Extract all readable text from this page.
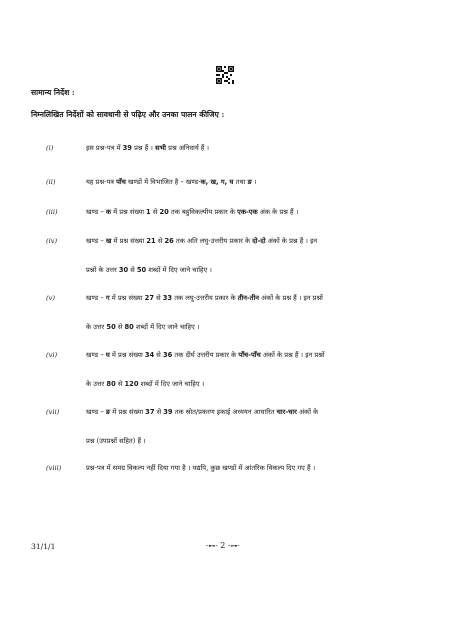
सामान्य निर्देश :
निम्नलिखित निर्देशों को सावधानी से पढ़िए और उनका पालन कीजिए :
(i)	इस प्रश्न-पत्र में 39 प्रश्न हैं । सभी प्रश्न अनिवार्य हैं ।
(ii)	यह प्रश्न-पत्र पाँच खण्डों में विभाजित है – खण्ड-क, ख, ग, घ तथा ङ ।
(iii)	खण्ड – क में प्रश्न संख्या 1 से 20 तक बहुविकल्पीय प्रकार के एक-एक अंक के प्रश्न हैं ।
(iv)	खण्ड – ख में प्रश्न संख्या 21 से 26 तक अति लघु-उत्तरीय प्रकार के दो-दो अंकों के प्रश्न हैं । इन
प्रश्नों के उत्तर 30 से 50 शब्दों में दिए जाने चाहिए ।
(v)	खण्ड – ग में प्रश्न संख्या 27 से 33 तक लघु-उत्तरीय प्रकार के तीन-तीन अंकों के प्रश्न हैं । इन प्रश्नों
के उत्तर 50 से 80 शब्दों में दिए जाने चाहिए ।
(vi)	खण्ड – घ में प्रश्न संख्या 34 से 36 तक दीर्घ उत्तरीय प्रकार के पाँच-पाँच अंकों के प्रश्न हैं । इन प्रश्नों
के उत्तर 80 से 120 शब्दों में दिए जाने चाहिए ।
(vii)	खण्ड – ङ में प्रश्न संख्या 37 से 39 तक स्रोत/प्रकरण इकाई अध्ययन आधारित चार-चार अंकों के
प्रश्न (उपप्रश्नों सहित) हैं ।
(viii)	प्रश्न-पत्र में समग्र विकल्प नहीं दिया गया है । यद्यपि, कुछ खण्डों में आंतरिक विकल्प दिए गए हैं ।
31/1/1	-⊷- 2 -⊶-
